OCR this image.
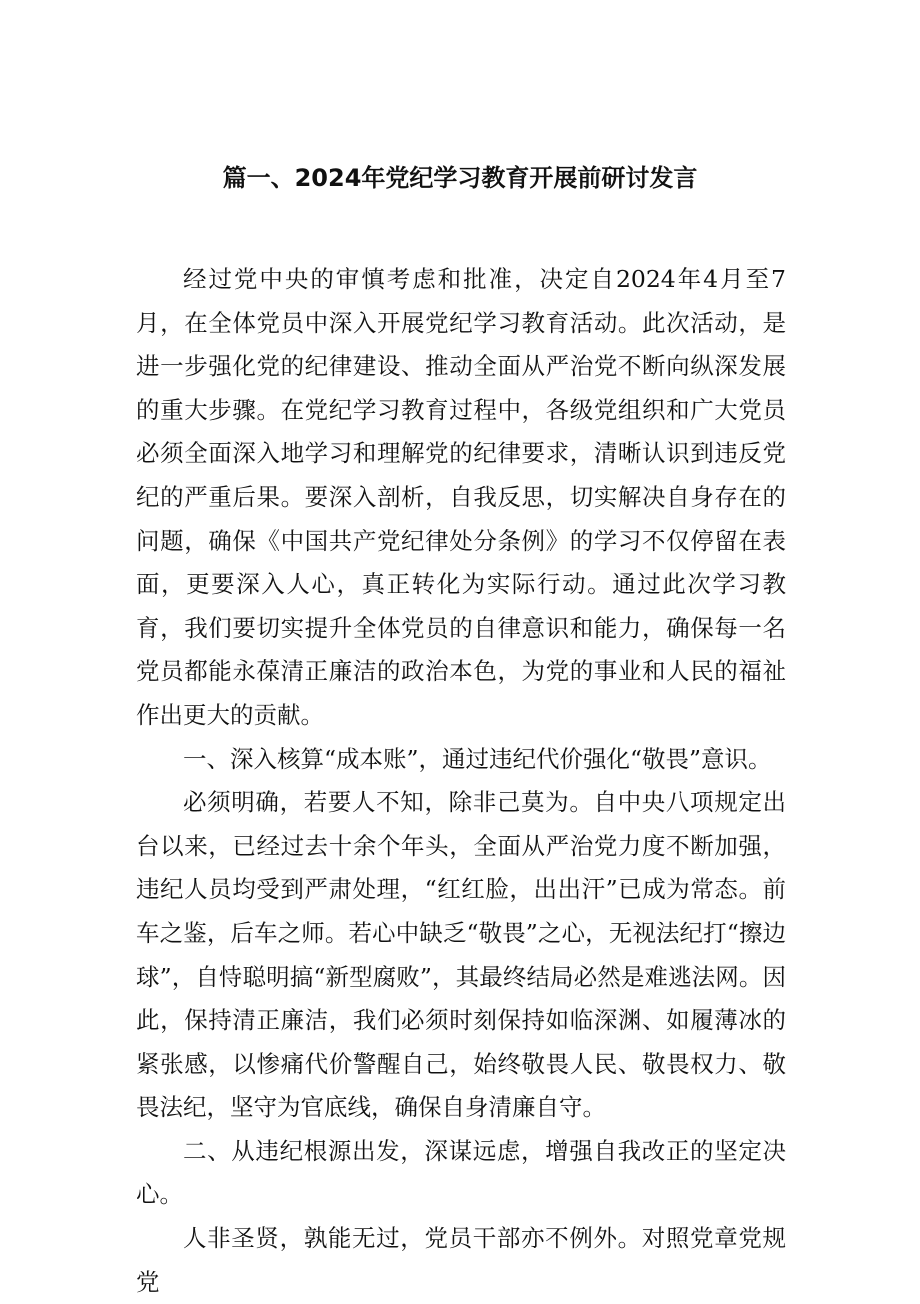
篇一、2024年党纪学习教育开展前研讨发言

经过党中央的审慎考虑和批准，决定自2024年4月至7月，在全体党员中深入开展党纪学习教育活动。此次活动，是进一步强化党的纪律建设、推动全面从严治党不断向纵深发展的重大步骤。在党纪学习教育过程中，各级党组织和广大党员必须全面深入地学习和理解党的纪律要求，清晰认识到违反党纪的严重后果。要深入剖析，自我反思，切实解决自身存在的问题，确保《中国共产党纪律处分条例》的学习不仅停留在表面，更要深入人心，真正转化为实际行动。通过此次学习教育，我们要切实提升全体党员的自律意识和能力，确保每一名党员都能永葆清正廉洁的政治本色，为党的事业和人民的福祉作出更大的贡献。

一、深入核算“成本账”，通过违纪代价强化“敬畏”意识。

必须明确，若要人不知，除非己莫为。自中央八项规定出台以来，已经过去十余个年头，全面从严治党力度不断加强，违纪人员均受到严肃处理，“红红脸，出出汗”已成为常态。前车之鉴，后车之师。若心中缺乏“敬畏”之心，无视法纪打“擦边球”，自恃聪明搞“新型腐败”，其最终结局必然是难逃法网。因此，保持清正廉洁，我们必须时刻保持如临深渊、如履薄冰的紧张感，以惨痛代价警醒自己，始终敬畏人民、敬畏权力、敬畏法纪，坚守为官底线，确保自身清廉自守。

二、从违纪根源出发，深谋远虑，增强自我改正的坚定决心。

人非圣贤，孰能无过，党员干部亦不例外。对照党章党规党
